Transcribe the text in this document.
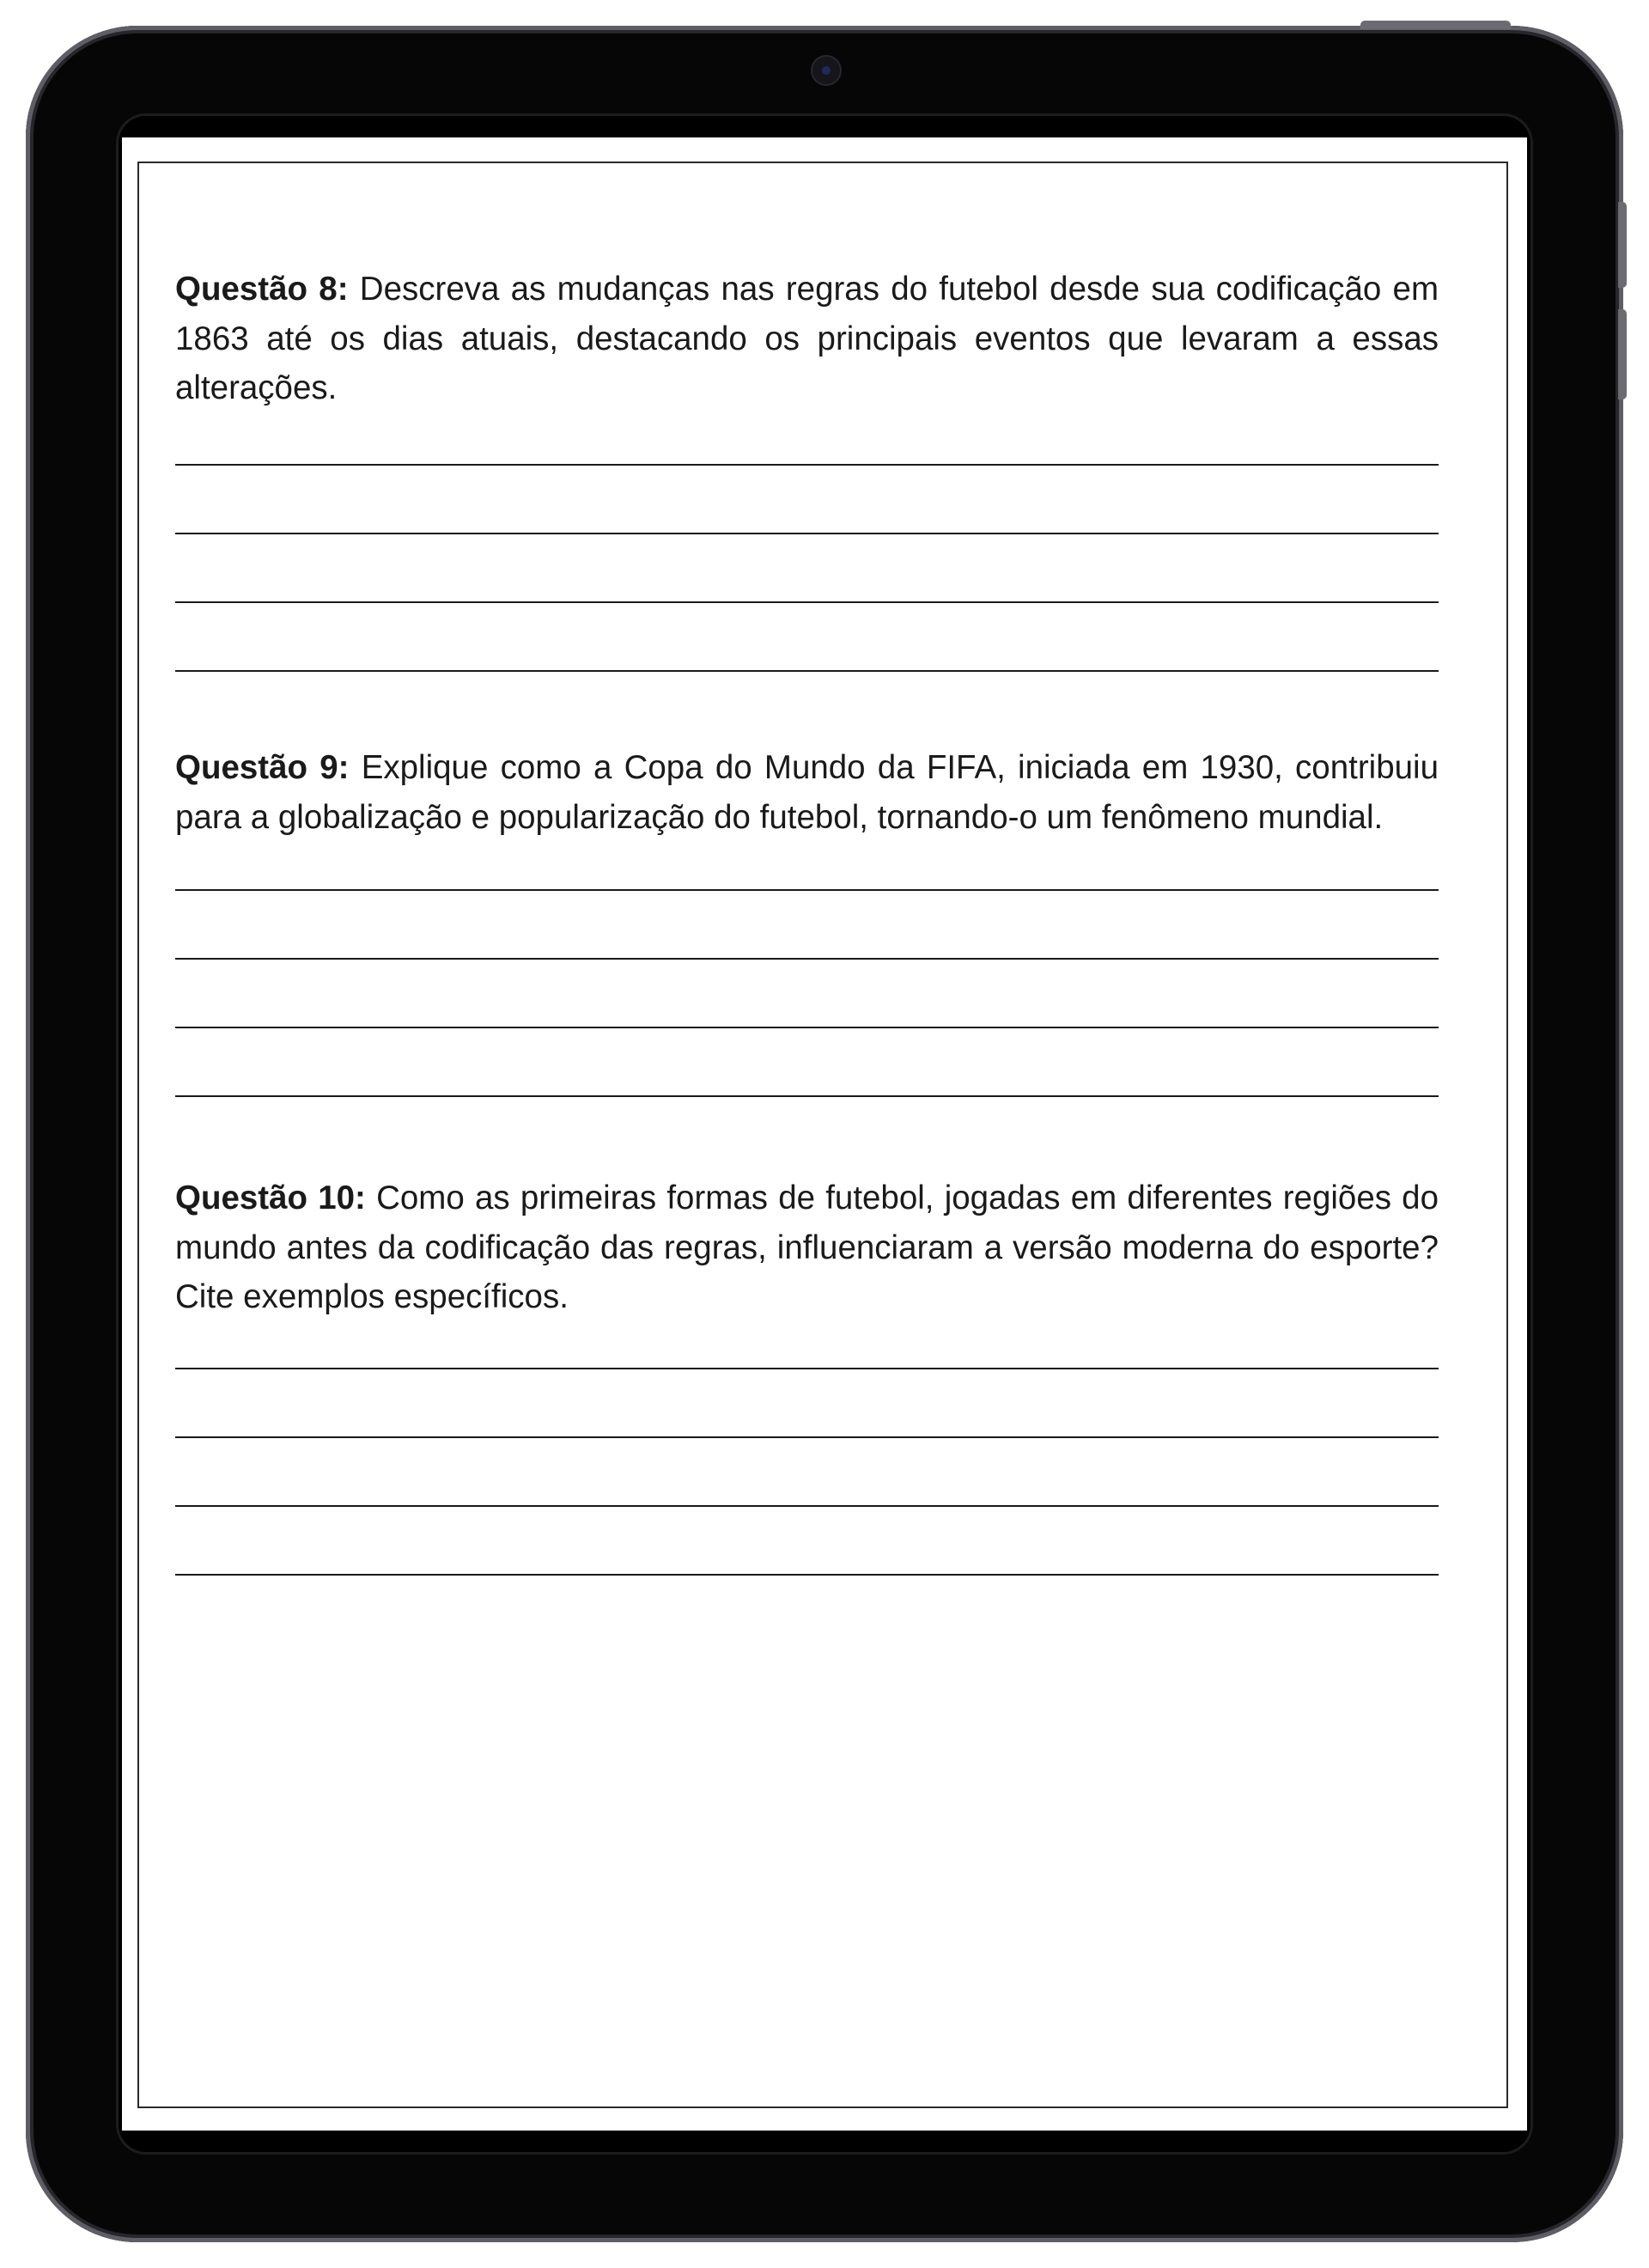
Questão 8: Descreva as mudanças nas regras do futebol desde sua codificação em 1863 até os dias atuais, destacando os principais eventos que levaram a essas alterações.

Questão 9: Explique como a Copa do Mundo da FIFA, iniciada em 1930, contribuiu para a globalização e popularização do futebol, tornando-o um fenômeno mundial.

Questão 10: Como as primeiras formas de futebol, jogadas em diferentes regiões do mundo antes da codificação das regras, influenciaram a versão moderna do esporte? Cite exemplos específicos.
